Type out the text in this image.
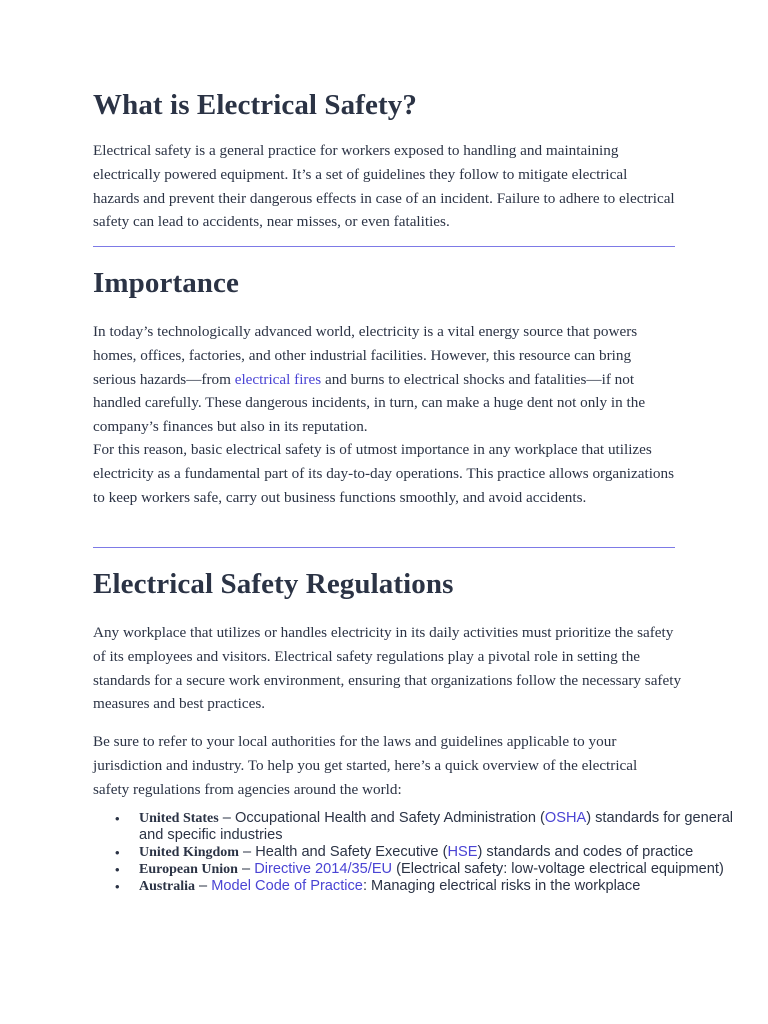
What is Electrical Safety?

Electrical safety is a general practice for workers exposed to handling and maintaining electrically powered equipment. It’s a set of guidelines they follow to mitigate electrical hazards and prevent their dangerous effects in case of an incident. Failure to adhere to electrical safety can lead to accidents, near misses, or even fatalities.

Importance

In today’s technologically advanced world, electricity is a vital energy source that powers homes, offices, factories, and other industrial facilities. However, this resource can bring serious hazards—from electrical fires and burns to electrical shocks and fatalities—if not handled carefully. These dangerous incidents, in turn, can make a huge dent not only in the company’s finances but also in its reputation.

For this reason, basic electrical safety is of utmost importance in any workplace that utilizes electricity as a fundamental part of its day-to-day operations. This practice allows organizations to keep workers safe, carry out business functions smoothly, and avoid accidents.

Electrical Safety Regulations

Any workplace that utilizes or handles electricity in its daily activities must prioritize the safety of its employees and visitors. Electrical safety regulations play a pivotal role in setting the standards for a secure work environment, ensuring that organizations follow the necessary safety measures and best practices.

Be sure to refer to your local authorities for the laws and guidelines applicable to your jurisdiction and industry. To help you get started, here’s a quick overview of the electrical safety regulations from agencies around the world:

• United States – Occupational Health and Safety Administration (OSHA) standards for general and specific industries
• United Kingdom – Health and Safety Executive (HSE) standards and codes of practice
• European Union – Directive 2014/35/EU (Electrical safety: low-voltage electrical equipment)
• Australia – Model Code of Practice: Managing electrical risks in the workplace
